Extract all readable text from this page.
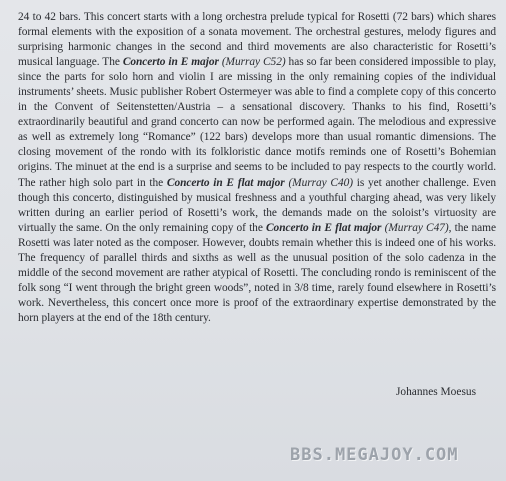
24 to 42 bars. This concert starts with a long orchestra prelude typical for Rosetti (72 bars) which shares formal elements with the exposition of a sonata movement. The orchestral gestures, melody figures and surprising harmonic changes in the second and third movements are also characteristic for Rosetti’s musical language. The Concerto in E major (Murray C52) has so far been considered impossible to play, since the parts for solo horn and violin I are missing in the only remaining copies of the individual instruments’ sheets. Music publisher Robert Ostermeyer was able to find a complete copy of this concerto in the Convent of Seitenstetten/Austria – a sensational discovery. Thanks to his find, Rosetti’s extraordinarily beautiful and grand concerto can now be performed again. The melodious and expressive as well as extremely long “Romance” (122 bars) develops more than usual romantic dimensions. The closing movement of the rondo with its folkloristic dance motifs reminds one of Rosetti’s Bohemian origins. The minuet at the end is a surprise and seems to be included to pay respects to the courtly world. The rather high solo part in the Concerto in E flat major (Murray C40) is yet another challenge. Even though this concerto, distinguished by musical freshness and a youthful charging ahead, was very likely written during an earlier period of Rosetti’s work, the demands made on the soloist’s virtuosity are virtually the same. On the only remaining copy of the Concerto in E flat major (Murray C47), the name Rosetti was later noted as the composer. However, doubts remain whether this is indeed one of his works. The frequency of parallel thirds and sixths as well as the unusual position of the solo cadenza in the middle of the second movement are rather atypical of Rosetti. The concluding rondo is reminiscent of the folk song “I went through the bright green woods”, noted in 3/8 time, rarely found elsewhere in Rosetti’s work. Nevertheless, this concert once more is proof of the extraordinary expertise demonstrated by the horn players at the end of the 18th century.

Johannes Moesus
BBS.MEGAJOY.COM
